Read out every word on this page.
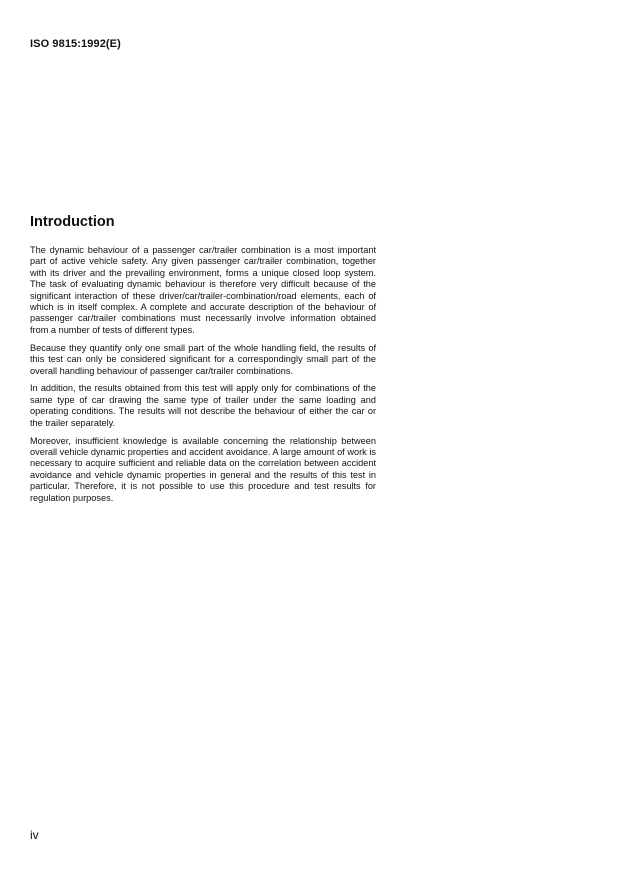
ISO 9815:1992(E)
Introduction

The dynamic behaviour of a passenger car/trailer combination is a most important part of active vehicle safety. Any given passenger car/trailer combination, together with its driver and the prevailing environment, forms a unique closed loop system. The task of evaluating dynamic behaviour is therefore very difficult because of the significant interaction of these driver/car/trailer-combination/road elements, each of which is in itself complex. A complete and accurate description of the behaviour of passenger car/trailer combinations must necessarily involve information obtained from a number of tests of different types.

Because they quantify only one small part of the whole handling field, the results of this test can only be considered significant for a correspondingly small part of the overall handling behaviour of passenger car/trailer combinations.

In addition, the results obtained from this test will apply only for combinations of the same type of car drawing the same type of trailer under the same loading and operating conditions. The results will not describe the behaviour of either the car or the trailer separately.

Moreover, insufficient knowledge is available concerning the relationship between overall vehicle dynamic properties and accident avoidance. A large amount of work is necessary to acquire sufficient and reliable data on the correlation between accident avoidance and vehicle dynamic properties in general and the results of this test in particular. Therefore, it is not possible to use this procedure and test results for regulation purposes.

iv
